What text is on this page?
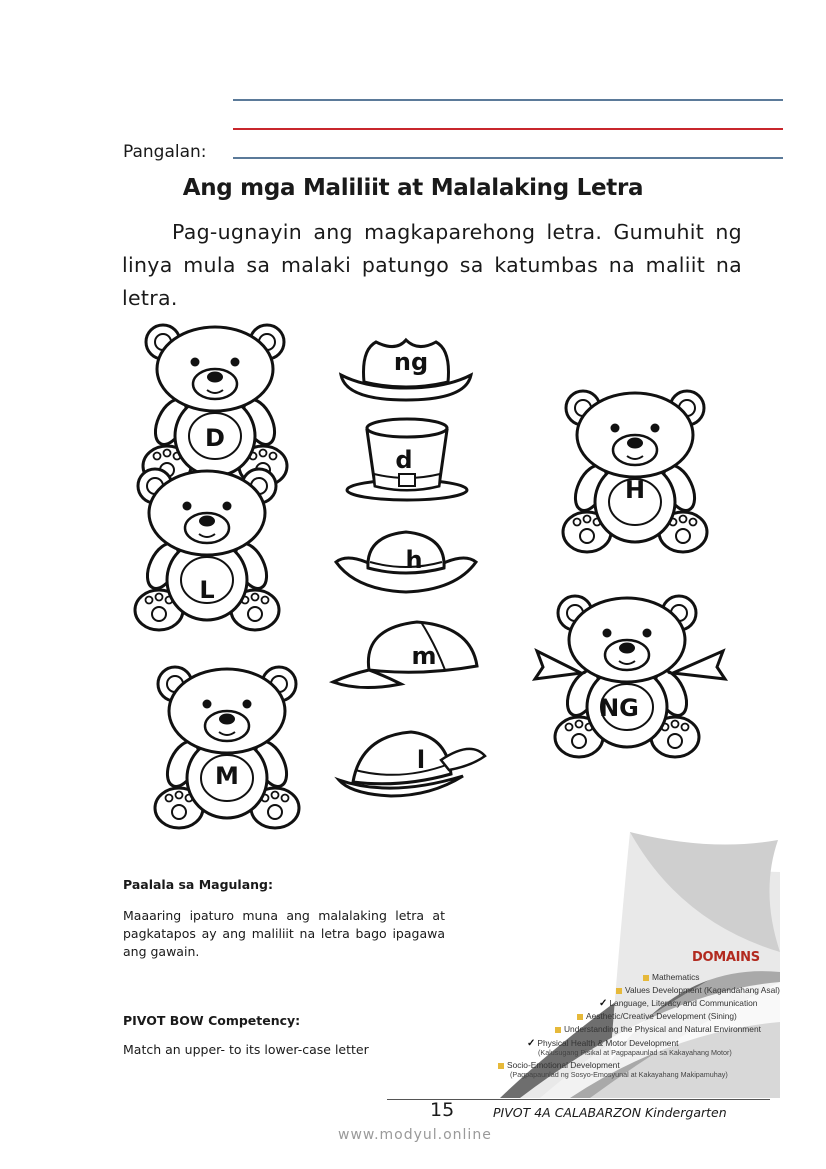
Pangalan:
Ang mga Maliliit at Malalaking Letra
Pag-ugnayin ang magkaparehong letra. Gumuhit ng linya mula sa malaki patungo sa katumbas na maliit na letra.
D
L
M
H
NG
ng
d
h
m
l
Paalala sa Magulang:
Maaaring ipaturo muna ang malalaking letra at pagkatapos ay ang maliliit na letra bago ipagawa ang gawain.
PIVOT BOW Competency:
Match an upper- to its lower-case letter
DOMAINS
Mathematics
Values Development (Kagandahang Asal)
✓ Language, Literacy and Communication
Aesthetic/Creative Development (Sining)
Understanding the Physical and Natural Environment
✓ Physical Health & Motor Development
(Kalusugang Pisikal at Pagpapaunlad sa Kakayahang Motor)
Socio-Emotional Development
(Pagpapaunlad ng Sosyo-Emosyunal at Kakayahang Makipamuhay)
15	PIVOT 4A CALABARZON Kindergarten
www.modyul.online
